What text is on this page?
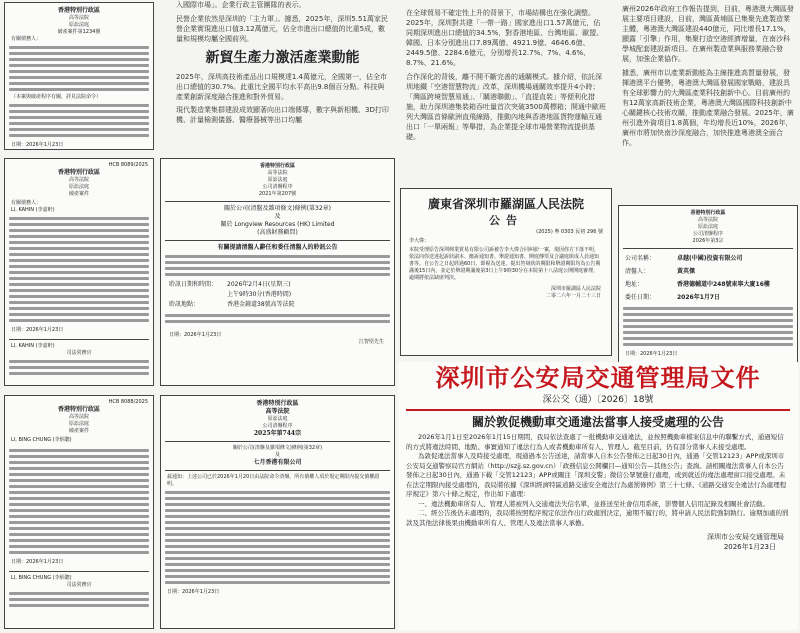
香港特別行政區
高等法院
原訟法庭
破產案件第1234號
有關債務人：
（本案與破產程序有關，詳見法院命令）
日期：2026年1月23日
入國際市場」。企業行政主管團隊的表示。
民營企業依然是深圳的「主力軍」。據悉，2025年，深圳5.51萬家民營企業實現進出口值3.12萬億元，佔全市進出口總值的比重5成，數量和規模均屬全國前列。
新貿生產力激活產業動能
2025年，深圳高技術產品出口規模達1.4萬億元，全國第一，佔全市出口總值的30.7%。此重比全國平均水平高出9.8個百分點。科技與產業創新深度融合推進和對外貿易。
現代製造業集群建設成效顯著向出口端傳導，數字與新相機、3D打印機、計量檢測儀器、醫療器械等出口均屬
在全球貿易不確定性上升的背景下，市場結構也在強化調整。2025年，深圳對共建「一帶一路」國家進出口1.57萬億元，佔同期深圳進出口總值的34.5%，對香港地區、台灣地區、歐盟、韓國、日本分別進出口7.89萬億、4921.9億、4646.6億、2449.5億、2284.6億元，分別增長12.7%、7%、4.6%、8.7%、21.6%。
合作深化的背後，離不開不斷完善的通關模式。據介紹，依託深圳地鐵「空港智慧物流」改革，深圳機場通關效率提升4小時；「灣區跨境智慧易通」、「關港聯動」、「直提直裝」等便利化措施，助力深圳港集裝箱吞吐量首次突破3500萬標箱；開通中歐班列大灣區首條歐洲直飛線路，推動內地與香港地區貨物運輸互通出口「一單兩報」等舉措，為企業提全球市場營業物流提供基礎。
廣州2026年政府工作報告提到，目前，粵港澳大灣區發展主要項目建設，目前，灣區黃埔區已集聚先進製造業主體，粵港澳大灣區建設440億元，同比增長17.1%，顯露「引擎」作用，集聚打造空港經濟增量，在南沙科學城配套建設新項目。在廣州製造業與服務業融合發展，加強企業協作。
據悉，廣州市以產業新動能為主線推進高質量發展，發揮港澳平台優勢，粵港澳大灣區發展國家戰略，建設具有全球影響力的大灣區產業科技創新中心。目前廣州約有12萬家高新技術企業，粵港澳大灣區國際科技創新中心關鍵核心技術攻關，推動產業融合發展。2025年，廣州引進外資項目1.8萬個，年均增長近10%，2026年，廣州市將加快南沙深度融合，加快推進粵港澳全面合作。
HCB 8089/2025
香港特別行政區
高等法院
原訟法庭
破產案件
有關債務人：
LI, KAHIN (李嘉軒)
日期：2026年1月23日
LI, KAHIN (李嘉軒)
司法常務官
香港特別行政區
高等法院
原訟法庭
公司清盤程序
2021年第207號
關於公司(清盤及雜項條文)條例(第32章)
及
關於 Longview Resources (HK) Limited
(高盛財務顧問)
有關提請清盤人辭任和委任清盤人的聆訊公告
聆訊日期和時間：	2026年2月4日(星期三)
上午9時30分(香港時間)
聆訊地點：	香港金鐘道38號高等法院
日期：2026年1月23日
江智堅先生
廣東省深圳市羅湖區人民法院
公告
(2025) 粵 0303 民初 296 號
李大偉：
本院受理原告深圳興業貿易有限公司訴被告李大偉合同糾紛一案，現因你方下落不明，依法向你送達起訴狀副本、應訴通知書、舉證通知書、開庭傳票及合議庭組成人員通知書等。自公告之日起經過60日，即視為送達。提出答辯狀的期限和舉證期限均為公告期滿後15日內，並定於舉證期滿後第3日上午9時30分在本院第十八法庭公開開庭審理，逾期將依法缺席判決。
深圳市羅湖區人民法院
二零二六年一月二十三日
香港特別行政區
高等法院
原訟法庭
公司清盤程序
2026年第3宗
公司名稱：	卓越(中國)投資有限公司
清盤人：	黃英傑
地址：	香港德輔道中248號東寧大廈16樓
委任日期：	2026年1月7日
日期：2026年1月23日
HCB 8088/2025
香港特別行政區
高等法院
原訟法庭
破產案件
LI, BING CHUNG (李炳聰)
日期：2026年1月23日
LI, BING CHUNG (李炳聰)
司法常務官
香港特別行政區
高等法院
原訟法庭
公司清盤程序
2025年第744宗
關於公司(清盤及雜項條文)條例(第32章)
及
七月香港有限公司
茲通知：上述公司已於2026年1月20日由法院命令清盤，所有債權人須於規定期限內提交債權證明。
日期：2026年1月23日
深圳市公安局交通管理局文件
深公交（通）〔2026〕18號
關於敦促機動車交通違法當事人接受處理的公告
2026年1月1日至2026年1月15日期間，我局依法查處了一批機動車交通違法，並按照機動車檔案信息中的聯繫方式，通過短信的方式將違法時間、地點、事實通知了違法行為人或者機動車所有人、管理人。截至目前，仍有部分當事人未接受處理。
為敦促違法當事人及時接受處理，現通過本公告送達，請當事人自本公告發佈之日起30日內，通過「交管12123」APP或深圳市公安局交通警察局官方網站（http://szjj.sz.gov.cn）「政務信息公開欄目—通知公告—其他公告」查詢。請相關違法當事人自本公告發佈之日起30日內，通過下載「交管12123」APP或關注「深圳交警」微信公眾號進行處理，或到就近的違法處理窗口接受處理。未在法定期限內接受處理的，我局將依據《深圳經濟特區道路交通安全違法行為處罰條例》第三十七條、《道路交通安全違法行為處理程序規定》第六十條之規定，作出如下處理：
一、違法機動車所有人、管理人將被列入交通違法失信名單，並推送至社會信用系統，影響個人信用記錄及相關社會活動。
二、經公告後仍未處理的，我局將按照程序規定依法作出行政處罰決定，逾期不履行的，將申請人民法院強制執行。逾期加處的罰款及其他法律後果由機動車所有人、管理人及違法當事人承擔。
深圳市公安局交通管理局
2026年1月23日
